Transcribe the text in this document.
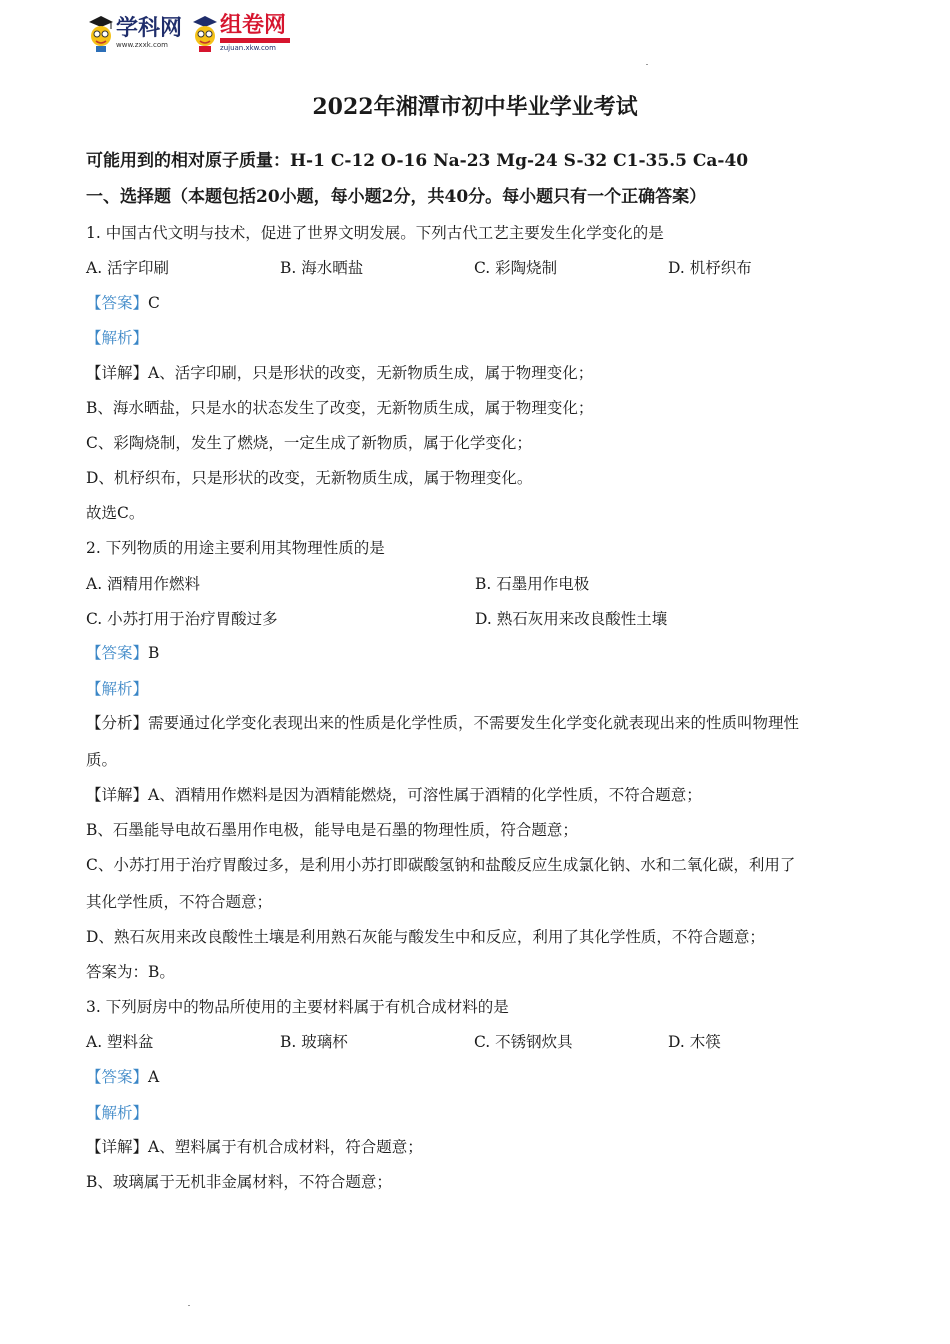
学科网
www.zxxk.com
组卷网
zujuan.xkw.com
2022年湘潭市初中毕业学业考试
可能用到的相对原子质量：H-1 C-12 O-16 Na-23 Mg-24 S-32 C1-35.5 Ca-40
一、选择题（本题包括20小题，每小题2分，共40分。每小题只有一个正确答案）
1. 中国古代文明与技术，促进了世界文明发展。下列古代工艺主要发生化学变化的是
A. 活字印刷	B. 海水晒盐	C. 彩陶烧制	D. 机杼织布
【答案】C
【解析】
【详解】A、活字印刷，只是形状的改变，无新物质生成，属于物理变化；
B、海水晒盐，只是水的状态发生了改变，无新物质生成，属于物理变化；
C、彩陶烧制，发生了燃烧，一定生成了新物质，属于化学变化；
D、机杼织布，只是形状的改变，无新物质生成，属于物理变化。
故选C。
2. 下列物质的用途主要利用其物理性质的是
A. 酒精用作燃料	B. 石墨用作电极
C. 小苏打用于治疗胃酸过多	D. 熟石灰用来改良酸性土壤
【答案】B
【解析】
【分析】需要通过化学变化表现出来的性质是化学性质，不需要发生化学变化就表现出来的性质叫物理性
质。
【详解】A、酒精用作燃料是因为酒精能燃烧，可溶性属于酒精的化学性质，不符合题意；
B、石墨能导电故石墨用作电极，能导电是石墨的物理性质，符合题意；
C、小苏打用于治疗胃酸过多，是利用小苏打即碳酸氢钠和盐酸反应生成氯化钠、水和二氧化碳，利用了
其化学性质，不符合题意；
D、熟石灰用来改良酸性土壤是利用熟石灰能与酸发生中和反应，利用了其化学性质，不符合题意；
答案为：B。
3. 下列厨房中的物品所使用的主要材料属于有机合成材料的是
A. 塑料盆	B. 玻璃杯	C. 不锈钢炊具	D. 木筷
【答案】A
【解析】
【详解】A、塑料属于有机合成材料，符合题意；
B、玻璃属于无机非金属材料，不符合题意；
